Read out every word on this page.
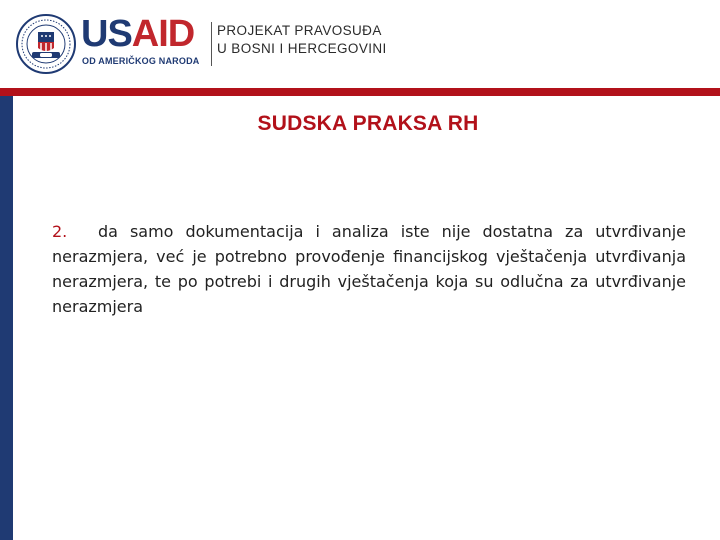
USAID
OD AMERIČKOG NARODA
PROJEKAT PRAVOSUĐA
U BOSNI I HERCEGOVINI
SUDSKA PRAKSA RH
2. da samo dokumentacija i analiza iste nije dostatna za utvrđivanje nerazmjera, već je potrebno provođenje financijskog vještačenja utvrđivanja nerazmjera, te po potrebi i drugih vještačenja koja su odlučna za utvrđivanje nerazmjera
